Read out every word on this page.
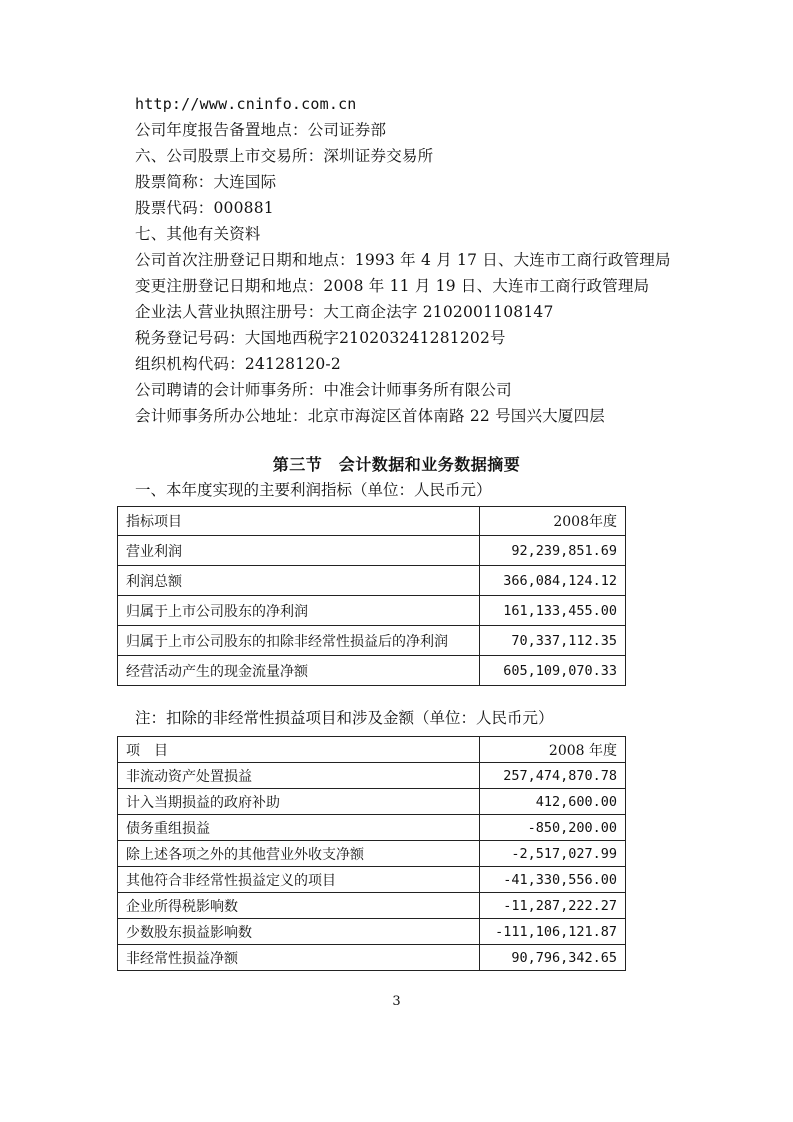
http://www.cninfo.com.cn
公司年度报告备置地点：公司证券部
六、公司股票上市交易所：深圳证券交易所
股票简称：大连国际
股票代码：000881
七、其他有关资料
公司首次注册登记日期和地点：1993 年 4 月 17 日、大连市工商行政管理局
变更注册登记日期和地点：2008 年 11 月 19 日、大连市工商行政管理局
企业法人营业执照注册号：大工商企法字 2102001108147
税务登记号码：大国地西税字210203241281202号
组织机构代码：24128120-2
公司聘请的会计师事务所：中准会计师事务所有限公司
会计师事务所办公地址：北京市海淀区首体南路 22 号国兴大厦四层
第三节　会计数据和业务数据摘要
一、本年度实现的主要利润指标（单位：人民币元）
指标项目	2008年度
营业利润	92,239,851.69
利润总额	366,084,124.12
归属于上市公司股东的净利润	161,133,455.00
归属于上市公司股东的扣除非经常性损益后的净利润	70,337,112.35
经营活动产生的现金流量净额	605,109,070.33
注：扣除的非经常性损益项目和涉及金额（单位：人民币元）
项　目	2008 年度
非流动资产处置损益	257,474,870.78
计入当期损益的政府补助	412,600.00
债务重组损益	-850,200.00
除上述各项之外的其他营业外收支净额	-2,517,027.99
其他符合非经常性损益定义的项目	-41,330,556.00
企业所得税影响数	-11,287,222.27
少数股东损益影响数	-111,106,121.87
非经常性损益净额	90,796,342.65
3
